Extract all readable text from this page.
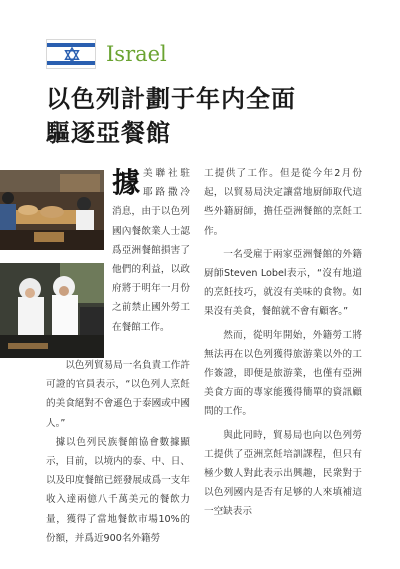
Israel
以色列計劃于年内全面
驅逐亞餐館
據 美聯社駐耶路撒冷消息，由于以色列國內餐飲業人士認爲亞洲餐館損害了他們的利益，以政府將于明年一月份之前禁止國外勞工在餐館工作。

以色列貿易局一名負責工作許可證的官員表示，“以色列人烹飪的美食絕對不會遜色于泰國或中國人。”

據以色列民族餐館協會數據顯示，目前，以境内的泰、中、日、以及印度餐館已經發展成爲一支年收入達兩億八千萬美元的餐飲力量，獲得了當地餐飲市場10%的份額，并爲近900名外籍勞

工提供了工作。但是從今年2月份起，以貿易局決定讓當地厨師取代這些外籍厨師，擔任亞洲餐館的烹飪工作。

一名受雇于兩家亞洲餐館的外籍厨師Steven Lobel表示，“沒有地道的烹飪技巧，就沒有美味的食物。如果沒有美食，餐館就不會有顧客。”

然而，從明年開始，外籍勞工將無法再在以色列獲得旅游業以外的工作簽證，即便是旅游業，也僅有亞洲美食方面的專家能獲得簡單的資訊顧問的工作。

與此同時，貿易局也向以色列勞工提供了亞洲烹飪培訓課程，但只有極少數人對此表示出興趣，民衆對于以色列國内是否有足够的人來填補這一空缺表示
